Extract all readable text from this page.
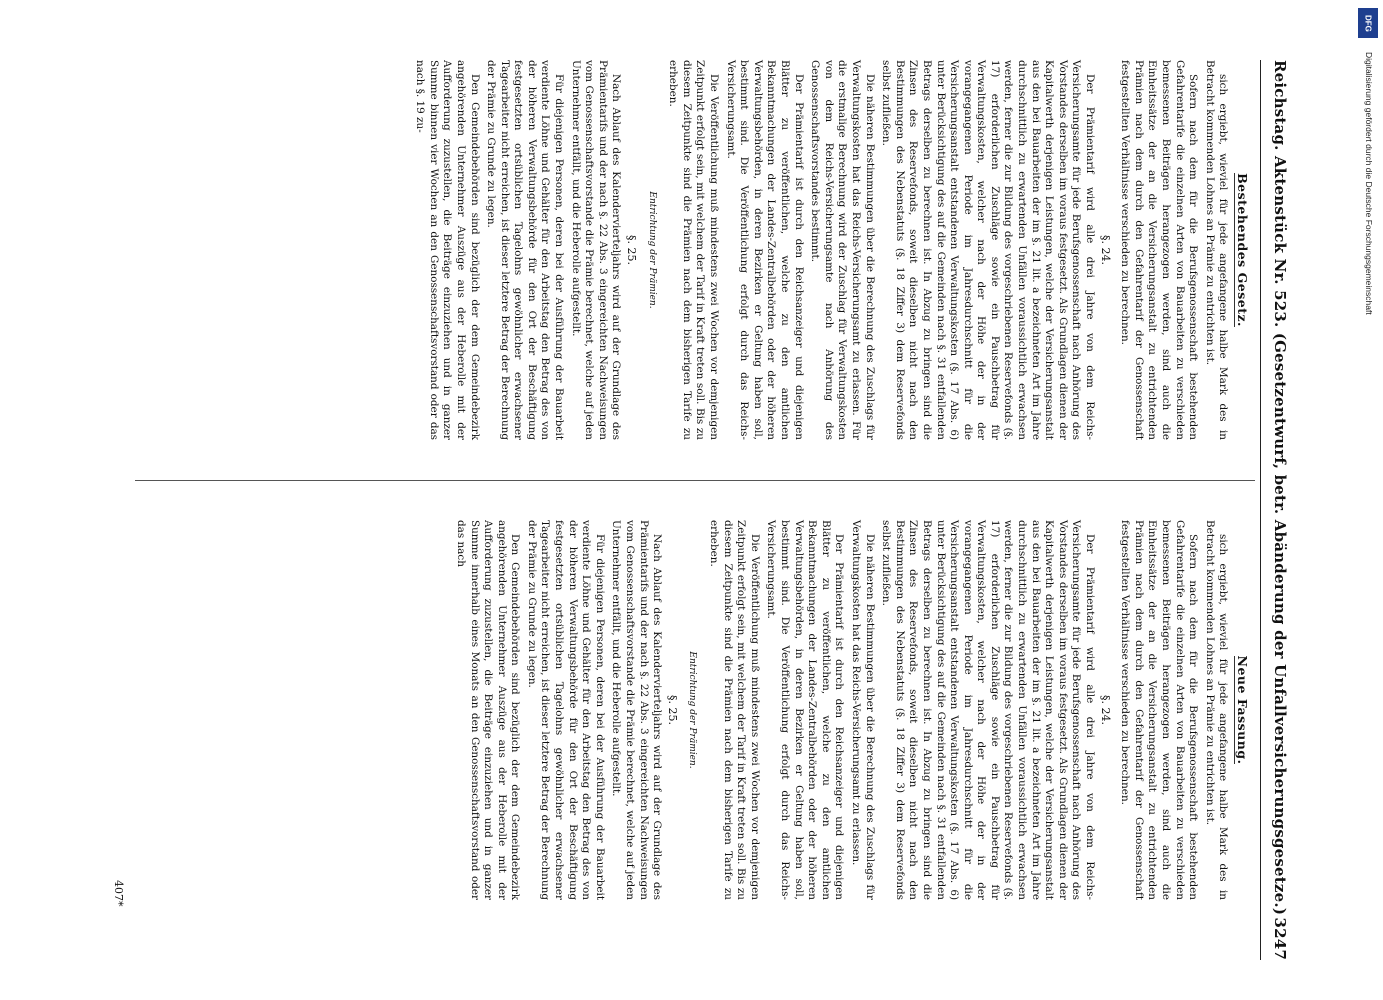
Reichstag. Aktenstück Nr. 523. (Gesetzentwurf, betr. Abänderung der Unfallversicherungsgesetze.)
3247
Bestehendes Gesetz.

sich ergiebt, wieviel für jede angefangene halbe Mark des in Betracht kommenden Lohnes an Prämie zu entrichten ist.

Sofern nach dem für die Berufsgenossenschaft bestehenden Gefahrentarife die einzelnen Arten von Bauarbeiten zu verschieden bemessenen Beiträgen herangezogen werden, sind auch die Einheitssätze der an die Versicherungsanstalt zu entrichtenden Prämien nach dem durch den Gefahrentarif der Genossenschaft festgestellten Verhältnisse verschieden zu berechnen.

§. 24.

Der Prämientarif wird alle drei Jahre von dem Reichs-Versicherungsamte für jede Berufsgenossenschaft nach Anhörung des Vorstandes derselben im voraus festgesetzt. Als Grundlagen dienen der Kapitalwerth derjenigen Leistungen, welche der Versicherungsanstalt aus den bei Bauarbeiten der im §. 21 lit. a bezeichneten Art im Jahre durchschnittlich zu erwartenden Unfällen voraussichtlich erwachsen werden, ferner die zur Bildung des vorgeschriebenen Reservefonds (§. 17) erforderlichen Zuschläge sowie ein Pauschbetrag für Verwaltungskosten, welcher nach der Höhe der in der vorangegangenen Periode im Jahresdurchschnitt für die Versicherungsanstalt entstandenen Verwaltungskosten (§. 17 Abs. 6) unter Berücksichtigung des auf die Gemeinden nach §. 31 entfallenden Betrags derselben zu berechnen ist. In Abzug zu bringen sind die Zinsen des Reservefonds, soweit dieselben nicht nach den Bestimmungen des Nebenstatuts (§. 18 Ziffer 3) dem Reservefonds selbst zufließen.

Die näheren Bestimmungen über die Berechnung des Zuschlags für Verwaltungskosten hat das Reichs-Versicherungsamt zu erlassen. Für die erstmalige Berechnung wird der Zuschlag für Verwaltungskosten von dem Reichs-Versicherungsamte nach Anhörung des Genossenschaftsvorstandes bestimmt.

Der Prämientarif ist durch den Reichsanzeiger und diejenigen Blätter zu veröffentlichen, welche zu den amtlichen Bekanntmachungen der Landes-Zentralbehörden oder der höheren Verwaltungsbehörden, in deren Bezirken er Geltung haben soll, bestimmt sind. Die Veröffentlichung erfolgt durch das Reichs-Versicherungsamt.

Die Veröffentlichung muß mindestens zwei Wochen vor demjenigen Zeitpunkt erfolgt sein, mit welchem der Tarif in Kraft treten soll. Bis zu diesem Zeitpunkte sind die Prämien nach dem bisherigen Tarife zu erheben.

Entrichtung der Prämien.
§. 25.

Nach Ablauf des Kalendervierteljahrs wird auf der Grundlage des Prämientarifs und der nach §. 22 Abs. 3 eingereichten Nachweisungen vom Genossenschaftsvorstande die Prämie berechnet, welche auf jeden Unternehmer entfällt, und die Heberolle aufgestellt.

Für diejenigen Personen, deren bei der Ausführung der Bauarbeit verdiente Löhne und Gehälter für den Arbeitstag den Betrag des von der höheren Verwaltungsbehörde für den Ort der Beschäftigung festgesetzten ortsüblichen Tagelohns gewöhnlicher erwachsener Tagearbeiter nicht erreichen, ist dieser letztere Betrag der Berechnung der Prämie zu Grunde zu legen.

Den Gemeindebehörden sind bezüglich der dem Gemeindebezirk angehörenden Unternehmer Auszüge aus der Heberolle mit der Aufforderung zuzustellen, die Beiträge einzuziehen und in ganzer Summe binnen vier Wochen an den Genossenschaftsvorstand oder das nach §. 19 zu-

Neue Fassung.

sich ergiebt, wieviel für jede angefangene halbe Mark des in Betracht kommenden Lohnes an Prämie zu entrichten ist.

Sofern nach dem für die Berufsgenossenschaft bestehenden Gefahrentarife die einzelnen Arten von Bauarbeiten zu verschieden bemessenen Beiträgen herangezogen werden, sind auch die Einheitssätze der an die Versicherungsanstalt zu entrichtenden Prämien nach dem durch den Gefahrentarif der Genossenschaft festgestellten Verhältnisse verschieden zu berechnen.

§. 24.

Der Prämientarif wird alle drei Jahre von dem Reichs-Versicherungsamte für jede Berufsgenossenschaft nach Anhörung des Vorstandes derselben im voraus festgesetzt. Als Grundlagen dienen der Kapitalwerth derjenigen Leistungen, welche der Versicherungsanstalt aus den bei Bauarbeiten der im §. 21 lit. a bezeichneten Art im Jahre durchschnittlich zu erwartenden Unfällen voraussichtlich erwachsen werden, ferner die zur Bildung des vorgeschriebenen Reservefonds (§. 17) erforderlichen Zuschläge sowie ein Pauschbetrag für Verwaltungskosten, welcher nach der Höhe der in der vorangegangenen Periode im Jahresdurchschnitt für die Versicherungsanstalt entstandenen Verwaltungskosten (§. 17 Abs. 6) unter Berücksichtigung des auf die Gemeinden nach §. 31 entfallenden Betrags derselben zu berechnen ist. In Abzug zu bringen sind die Zinsen des Reservefonds, soweit dieselben nicht nach den Bestimmungen des Nebenstatuts (§. 18 Ziffer 3) dem Reservefonds selbst zufließen.

Die näheren Bestimmungen über die Berechnung des Zuschlags für Verwaltungskosten hat das Reichs-Versicherungsamt zu erlassen.

Der Prämientarif ist durch den Reichsanzeiger und diejenigen Blätter zu veröffentlichen, welche zu den amtlichen Bekanntmachungen der Landes-Zentralbehörden oder der höheren Verwaltungsbehörden, in deren Bezirken er Geltung haben soll, bestimmt sind. Die Veröffentlichung erfolgt durch das Reichs-Versicherungsamt.

Die Veröffentlichung muß mindestens zwei Wochen vor demjenigen Zeitpunkt erfolgt sein, mit welchem der Tarif in Kraft treten soll. Bis zu diesem Zeitpunkte sind die Prämien nach dem bisherigen Tarife zu erheben.

Entrichtung der Prämien.
§. 25.

Nach Ablauf des Kalendervierteljahrs wird auf der Grundlage des Prämientarifs und der nach §. 22 Abs. 3 eingereichten Nachweisungen vom Genossenschaftsvorstande die Prämie berechnet, welche auf jeden Unternehmer entfällt, und die Heberolle aufgestellt.

Für diejenigen Personen, deren bei der Ausführung der Bauarbeit verdiente Löhne und Gehälter für den Arbeitstag den Betrag des von der höheren Verwaltungsbehörde für den Ort der Beschäftigung festgesetzten ortsüblichen Tagelohns gewöhnlicher erwachsener Tagearbeiter nicht erreichen, ist dieser letztere Betrag der Berechnung der Prämie zu Grunde zu legen.

Den Gemeindebehörden sind bezüglich der dem Gemeindebezirk angehörenden Unternehmer Auszüge aus der Heberolle mit der Aufforderung zuzustellen, die Beiträge einzuziehen und in ganzer Summe innerhalb eines Monats an den Genossenschaftsvorstand oder das nach

407*
DFG
Digitalisierung gefördert durch die Deutsche Forschungsgemeinschaft
